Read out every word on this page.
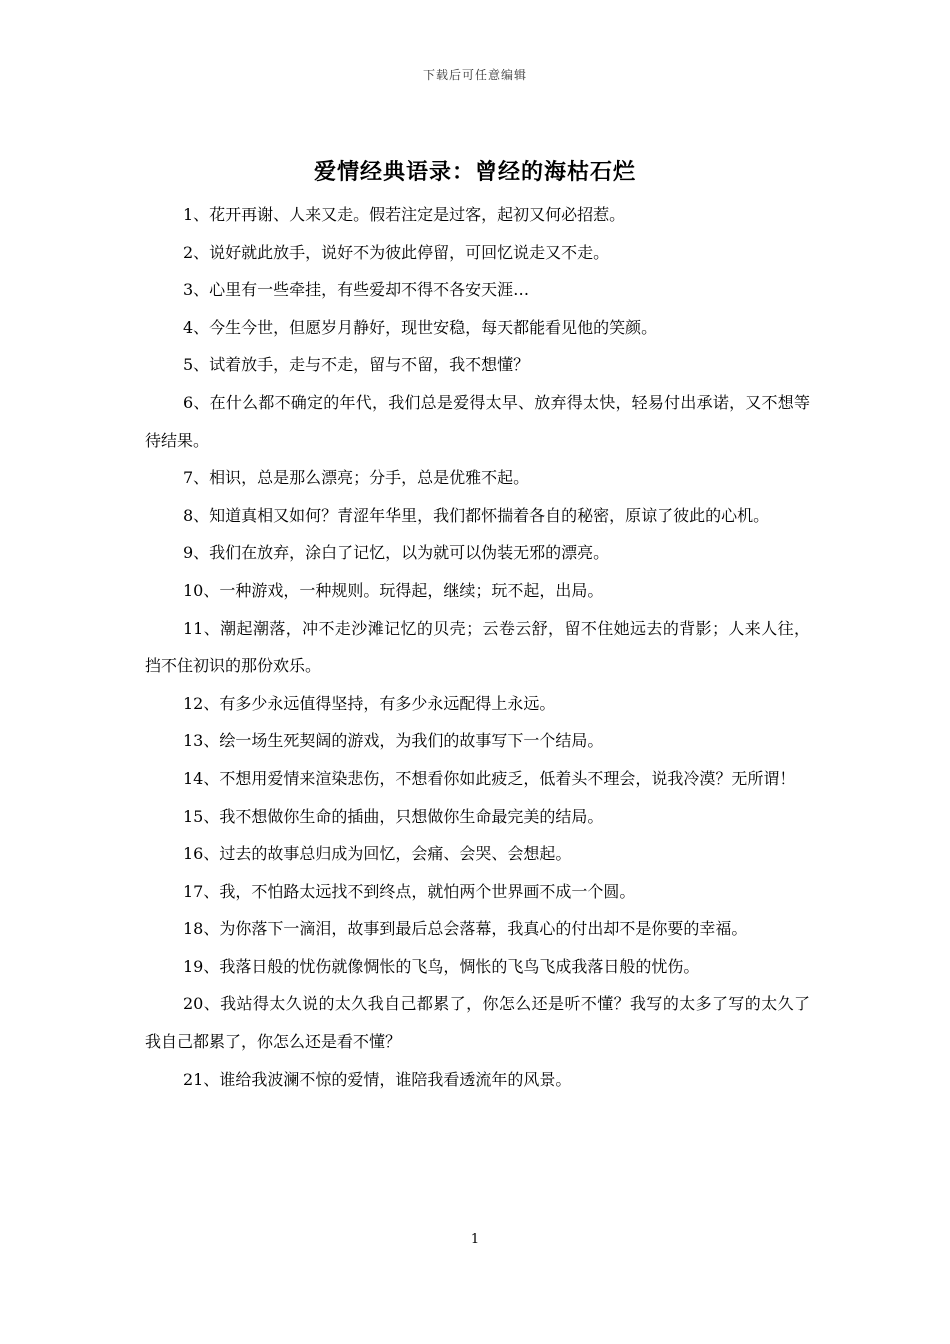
下载后可任意编辑
爱情经典语录：曾经的海枯石烂

1、花开再谢、人来又走。假若注定是过客，起初又何必招惹。

2、说好就此放手，说好不为彼此停留，可回忆说走又不走。

3、心里有一些牵挂，有些爱却不得不各安天涯…

4、今生今世，但愿岁月静好，现世安稳，每天都能看见他的笑颜。

5、试着放手，走与不走，留与不留，我不想懂？

6、在什么都不确定的年代，我们总是爱得太早、放弃得太快，轻易付出承诺，又不想等待结果。

7、相识，总是那么漂亮；分手，总是优雅不起。

8、知道真相又如何？青涩年华里，我们都怀揣着各自的秘密，原谅了彼此的心机。

9、我们在放弃，涂白了记忆，以为就可以伪装无邪的漂亮。

10、一种游戏，一种规则。玩得起，继续；玩不起，出局。

11、潮起潮落，冲不走沙滩记忆的贝壳；云卷云舒，留不住她远去的背影；人来人往，挡不住初识的那份欢乐。

12、有多少永远值得坚持，有多少永远配得上永远。

13、绘一场生死契阔的游戏，为我们的故事写下一个结局。

14、不想用爱情来渲染悲伤，不想看你如此疲乏，低着头不理会，说我冷漠？无所谓！

15、我不想做你生命的插曲，只想做你生命最完美的结局。

16、过去的故事总归成为回忆，会痛、会哭、会想起。

17、我，不怕路太远找不到终点，就怕两个世界画不成一个圆。

18、为你落下一滴泪，故事到最后总会落幕，我真心的付出却不是你要的幸福。

19、我落日般的忧伤就像惆怅的飞鸟，惆怅的飞鸟飞成我落日般的忧伤。

20、我站得太久说的太久我自己都累了，你怎么还是听不懂？我写的太多了写的太久了我自己都累了，你怎么还是看不懂？

21、谁给我波澜不惊的爱情，谁陪我看透流年的风景。

1
